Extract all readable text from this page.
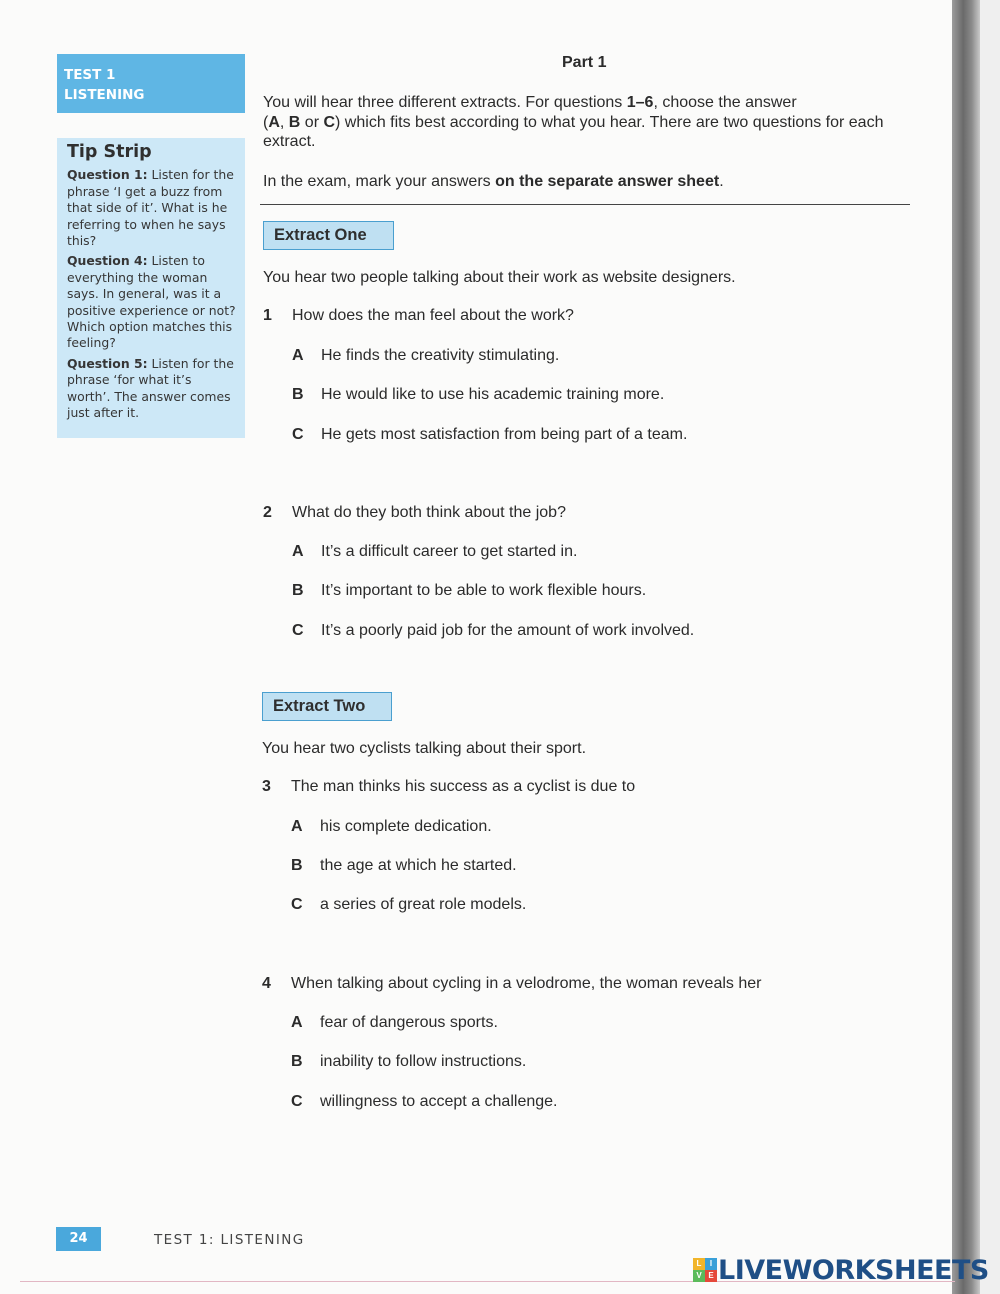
TEST 1
LISTENING
Tip Strip
Question 1: Listen for the phrase ‘I get a buzz from that side of it’. What is he referring to when he says this?
Question 4: Listen to everything the woman says. In general, was it a positive experience or not? Which option matches this feeling?
Question 5: Listen for the phrase ‘for what it’s worth’. The answer comes just after it.
Part 1
You will hear three different extracts. For questions 1–6, choose the answer
(A, B or C) which fits best according to what you hear. There are two questions for each extract.
In the exam, mark your answers on the separate answer sheet.
Extract One
You hear two people talking about their work as website designers.
1 How does the man feel about the work?
A He finds the creativity stimulating.
B He would like to use his academic training more.
C He gets most satisfaction from being part of a team.
2 What do they both think about the job?
A It’s a difficult career to get started in.
B It’s important to be able to work flexible hours.
C It’s a poorly paid job for the amount of work involved.
Extract Two
You hear two cyclists talking about their sport.
3 The man thinks his success as a cyclist is due to
A his complete dedication.
B the age at which he started.
C a series of great role models.
4 When talking about cycling in a velodrome, the woman reveals her
A fear of dangerous sports.
B inability to follow instructions.
C willingness to accept a challenge.
24	TEST 1: LISTENING
L	I
V E LIVEWORKSHEETS
